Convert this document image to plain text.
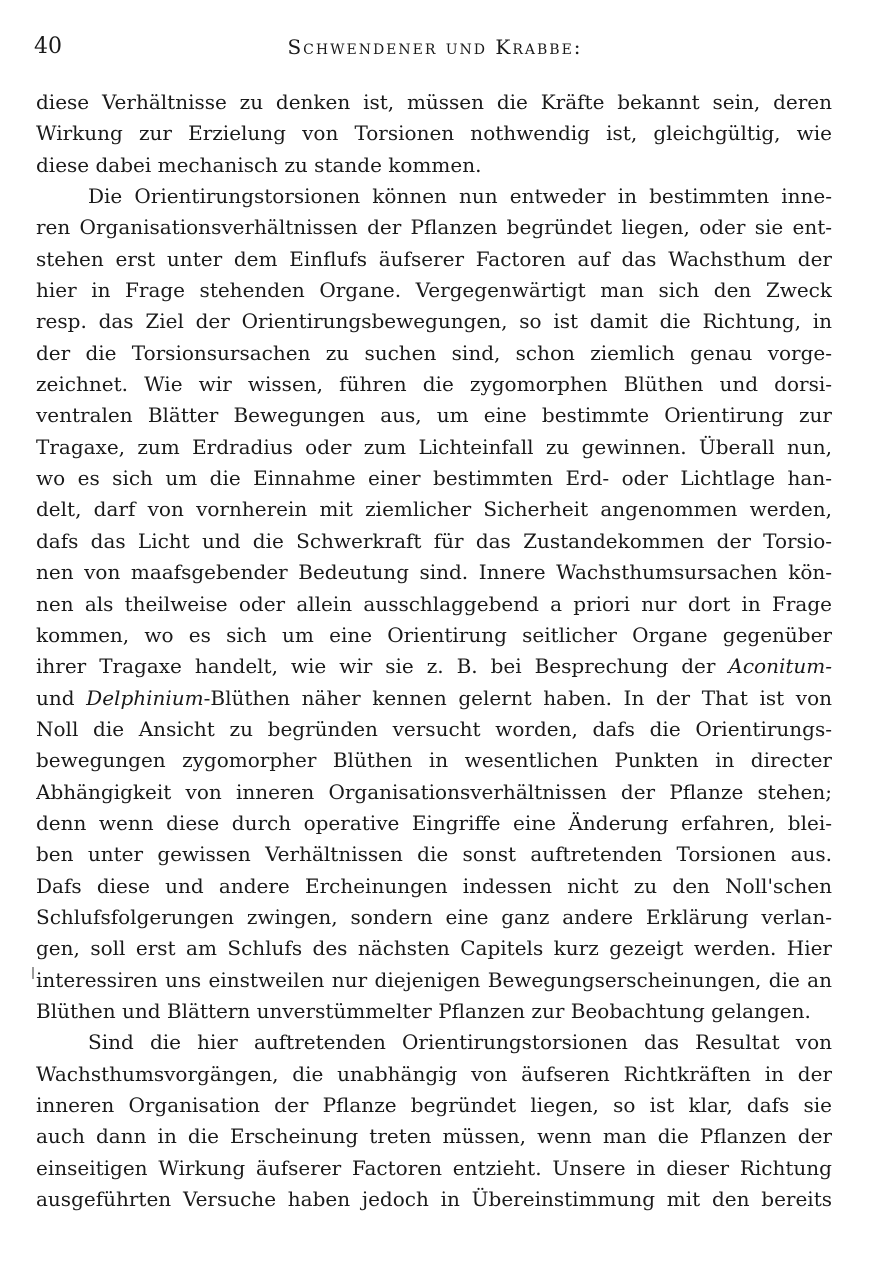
40	Schwendener und Krabbe:
diese Verhältnisse zu denken ist, müssen die Kräfte bekannt sein, deren
Wirkung zur Erzielung von Torsionen nothwendig ist, gleichgültig, wie
diese dabei mechanisch zu stande kommen.
Die Orientirungstorsionen können nun entweder in bestimmten inne-
ren Organisationsverhältnissen der Pflanzen begründet liegen, oder sie ent-
stehen erst unter dem Einflufs äufserer Factoren auf das Wachsthum der
hier in Frage stehenden Organe. Vergegenwärtigt man sich den Zweck
resp. das Ziel der Orientirungsbewegungen, so ist damit die Richtung, in
der die Torsionsursachen zu suchen sind, schon ziemlich genau vorge-
zeichnet. Wie wir wissen, führen die zygomorphen Blüthen und dorsi-
ventralen Blätter Bewegungen aus, um eine bestimmte Orientirung zur
Tragaxe, zum Erdradius oder zum Lichteinfall zu gewinnen. Überall nun,
wo es sich um die Einnahme einer bestimmten Erd- oder Lichtlage han-
delt, darf von vornherein mit ziemlicher Sicherheit angenommen werden,
dafs das Licht und die Schwerkraft für das Zustandekommen der Torsio-
nen von maafsgebender Bedeutung sind. Innere Wachsthumsursachen kön-
nen als theilweise oder allein ausschlaggebend a priori nur dort in Frage
kommen, wo es sich um eine Orientirung seitlicher Organe gegenüber
ihrer Tragaxe handelt, wie wir sie z. B. bei Besprechung der Aconitum-
und Delphinium-Blüthen näher kennen gelernt haben. In der That ist von
Noll die Ansicht zu begründen versucht worden, dafs die Orientirungs-
bewegungen zygomorpher Blüthen in wesentlichen Punkten in directer
Abhängigkeit von inneren Organisationsverhältnissen der Pflanze stehen;
denn wenn diese durch operative Eingriffe eine Änderung erfahren, blei-
ben unter gewissen Verhältnissen die sonst auftretenden Torsionen aus.
Dafs diese und andere Ercheinungen indessen nicht zu den Noll'schen
Schlufsfolgerungen zwingen, sondern eine ganz andere Erklärung verlan-
gen, soll erst am Schlufs des nächsten Capitels kurz gezeigt werden. Hier
interessiren uns einstweilen nur diejenigen Bewegungserscheinungen, die an
Blüthen und Blättern unverstümmelter Pflanzen zur Beobachtung gelangen.
Sind die hier auftretenden Orientirungstorsionen das Resultat von
Wachsthumsvorgängen, die unabhängig von äufseren Richtkräften in der
inneren Organisation der Pflanze begründet liegen, so ist klar, dafs sie
auch dann in die Erscheinung treten müssen, wenn man die Pflanzen der
einseitigen Wirkung äufserer Factoren entzieht. Unsere in dieser Richtung
ausgeführten Versuche haben jedoch in Übereinstimmung mit den bereits
